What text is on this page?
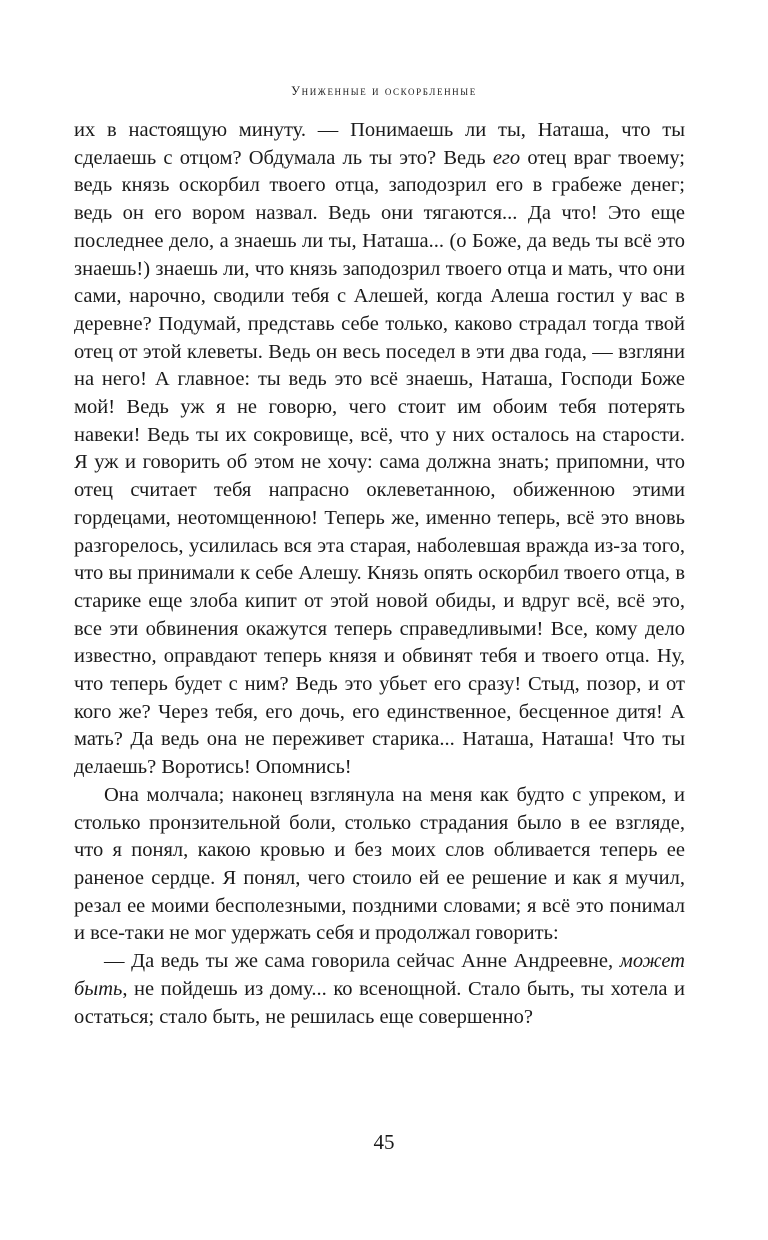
Униженные и оскорбленные

их в настоящую минуту. — Понимаешь ли ты, Наташа, что ты сделаешь с отцом? Обдумала ль ты это? Ведь его отец враг твоему; ведь князь оскорбил твоего отца, заподозрил его в грабеже денег; ведь он его вором назвал. Ведь они тягаются... Да что! Это еще последнее дело, а знаешь ли ты, Наташа... (о Боже, да ведь ты всё это знаешь!) знаешь ли, что князь заподозрил твоего отца и мать, что они сами, нарочно, сводили тебя с Алешей, когда Алеша гостил у вас в деревне? Подумай, представь себе только, каково страдал тогда твой отец от этой клеветы. Ведь он весь поседел в эти два года, — взгляни на него! А главное: ты ведь это всё знаешь, Наташа, Господи Боже мой! Ведь уж я не говорю, чего стоит им обоим тебя потерять навеки! Ведь ты их сокровище, всё, что у них осталось на старости. Я уж и говорить об этом не хочу: сама должна знать; припомни, что отец считает тебя напрасно оклеветанною, обиженною этими гордецами, неотомщенною! Теперь же, именно теперь, всё это вновь разгорелось, усилилась вся эта старая, наболевшая вражда из-за того, что вы принимали к себе Алешу. Князь опять оскорбил твоего отца, в старике еще злоба кипит от этой новой обиды, и вдруг всё, всё это, все эти обвинения окажутся теперь справедливыми! Все, кому дело известно, оправдают теперь князя и обвинят тебя и твоего отца. Ну, что теперь будет с ним? Ведь это убьет его сразу! Стыд, позор, и от кого же? Через тебя, его дочь, его единственное, бесценное дитя! А мать? Да ведь она не переживет старика... Наташа, Наташа! Что ты делаешь? Воротись! Опомнись!

Она молчала; наконец взглянула на меня как будто с упреком, и столько пронзительной боли, столько страдания было в ее взгляде, что я понял, какою кровью и без моих слов обливается теперь ее раненое сердце. Я понял, чего стоило ей ее решение и как я мучил, резал ее моими бесполезными, поздними словами; я всё это понимал и все-таки не мог удержать себя и продолжал говорить:

— Да ведь ты же сама говорила сейчас Анне Андреевне, может быть, не пойдешь из дому... ко всенощной. Стало быть, ты хотела и остаться; стало быть, не решилась еще совершенно?

45
